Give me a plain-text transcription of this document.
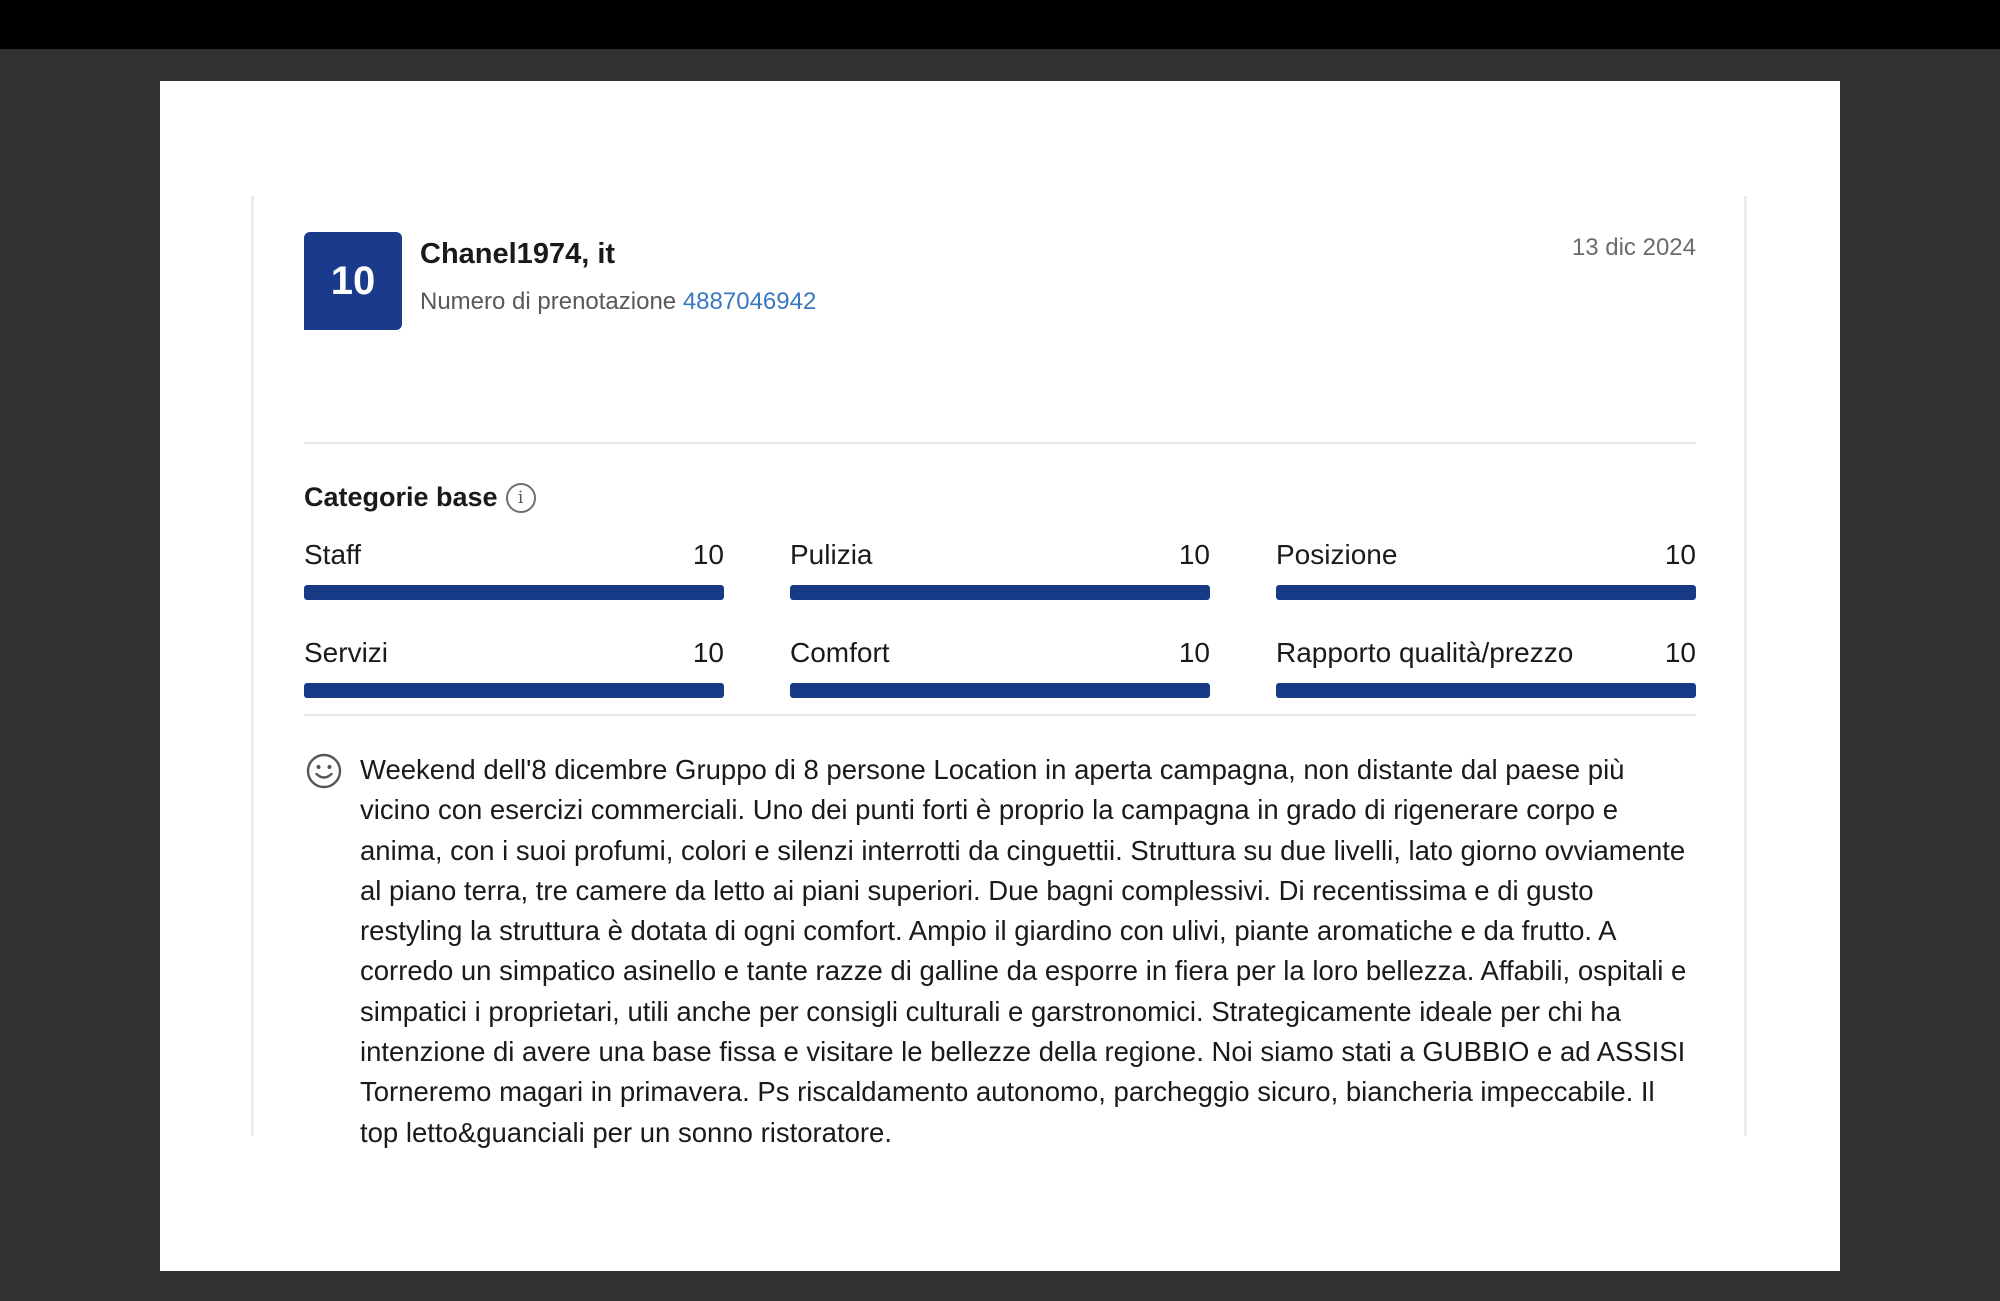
10
Chanel1974, it
Numero di prenotazione 4887046942
13 dic 2024
Categorie base	i
Staff	10 Pulizia	10 Posizione	10
Servizi	10 Comfort	10 Rapporto qualità/prezzo	10

Weekend dell'8 dicembre Gruppo di 8 persone Location in aperta campagna, non distante dal paese più vicino con esercizi commerciali. Uno dei punti forti è proprio la campagna in grado di rigenerare corpo e anima, con i suoi profumi, colori e silenzi interrotti da cinguettii. Struttura su due livelli, lato giorno ovviamente al piano terra, tre camere da letto ai piani superiori. Due bagni complessivi. Di recentissima e di gusto restyling la struttura è dotata di ogni comfort. Ampio il giardino con ulivi, piante aromatiche e da frutto. A corredo un simpatico asinello e tante razze di galline da esporre in fiera per la loro bellezza. Affabili, ospitali e simpatici i proprietari, utili anche per consigli culturali e garstronomici. Strategicamente ideale per chi ha intenzione di avere una base fissa e visitare le bellezze della regione. Noi siamo stati a GUBBIO e ad ASSISI Torneremo magari in primavera. Ps riscaldamento autonomo, parcheggio sicuro, biancheria impeccabile. Il top letto&guanciali per un sonno ristoratore.
